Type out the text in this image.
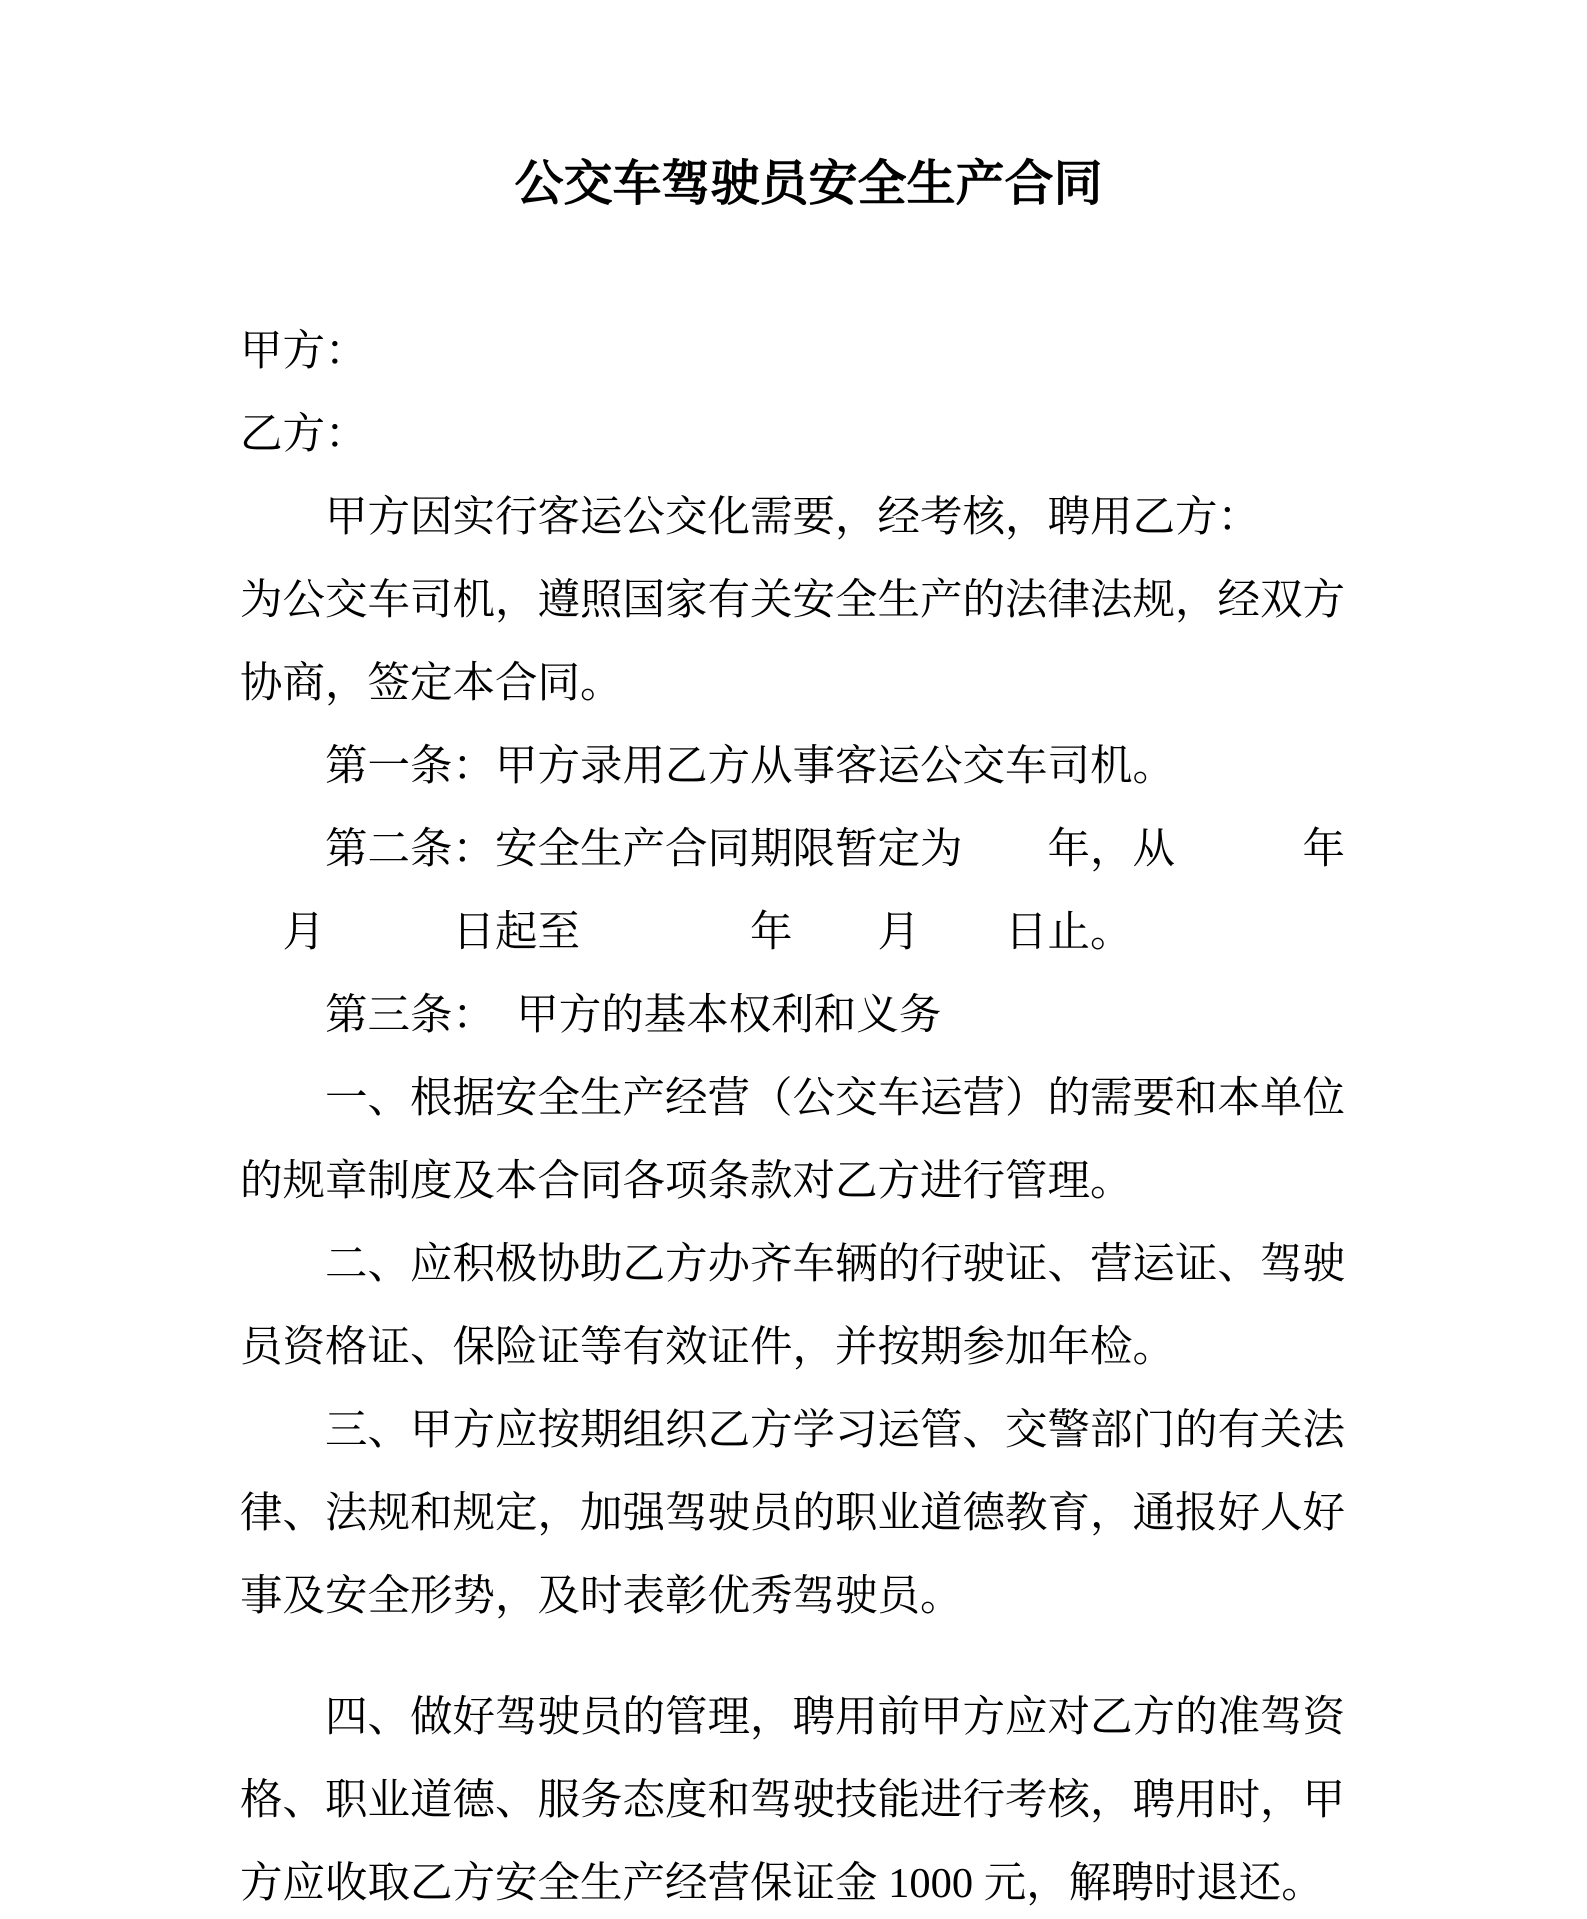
公交车驾驶员安全生产合同
甲方：
乙方：
　　甲方因实行客运公交化需要，经考核，聘用乙方：
为公交车司机，遵照国家有关安全生产的法律法规，经双方
协商，签定本合同。
　　第一条：甲方录用乙方从事客运公交车司机。
　　第二条：安全生产合同期限暂定为　　年，从　　　年
　月　　　日起至　　　　年　　月　　日止。
　　第三条：　甲方的基本权利和义务
　　一、根据安全生产经营（公交车运营）的需要和本单位
的规章制度及本合同各项条款对乙方进行管理。
　　二、应积极协助乙方办齐车辆的行驶证、营运证、驾驶
员资格证、保险证等有效证件，并按期参加年检。
　　三、甲方应按期组织乙方学习运管、交警部门的有关法
律、法规和规定，加强驾驶员的职业道德教育，通报好人好
事及安全形势，及时表彰优秀驾驶员。
　　四、做好驾驶员的管理，聘用前甲方应对乙方的准驾资
格、职业道德、服务态度和驾驶技能进行考核，聘用时，甲
方应收取乙方安全生产经营保证金 1000 元，解聘时退还。
